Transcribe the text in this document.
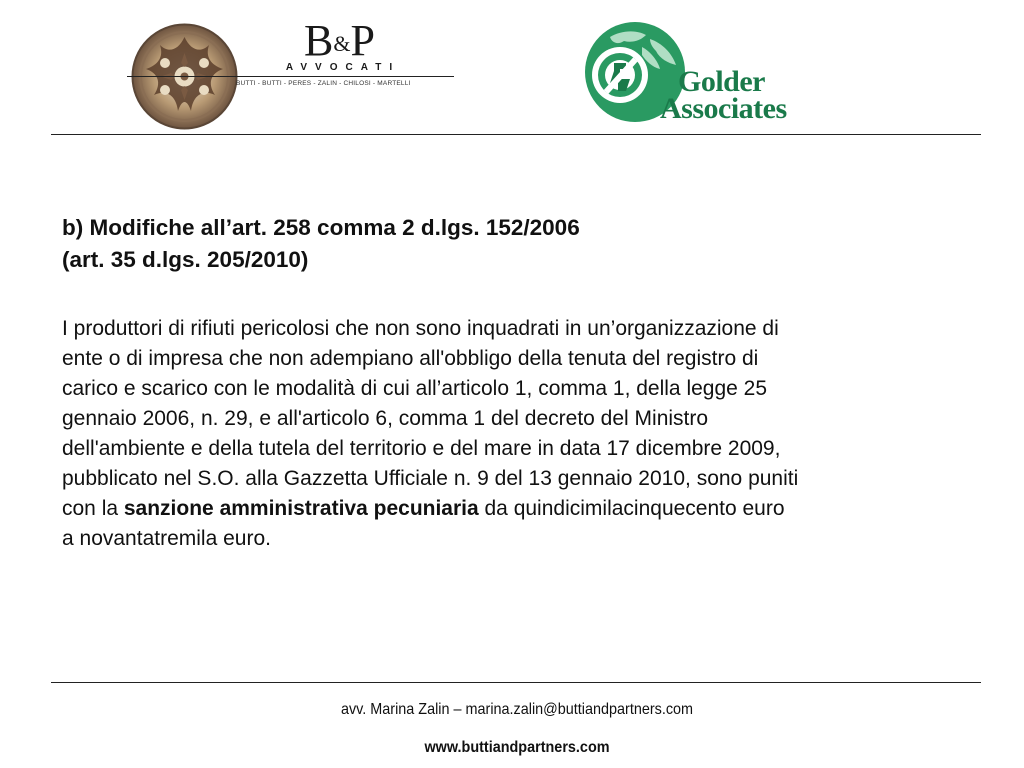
B&P
AVVOCATI
BUTTI - BUTTI - PERES - ZALIN - CHILOSI - MARTELLI	Golder
Associates
b) Modifiche all’art. 258 comma 2 d.lgs. 152/2006
(art. 35 d.lgs. 205/2010)
I produttori di rifiuti pericolosi che non sono inquadrati in un’organizzazione di
ente o di impresa che non adempiano all'obbligo della tenuta del registro di
carico e scarico con le modalità di cui all’articolo 1, comma 1, della legge 25
gennaio 2006, n. 29, e all'articolo 6, comma 1 del decreto del Ministro
dell'ambiente e della tutela del territorio e del mare in data 17 dicembre 2009,
pubblicato nel S.O. alla Gazzetta Ufficiale n. 9 del 13 gennaio 2010, sono puniti
con la sanzione amministrativa pecuniaria da quindicimilacinquecento euro
a novantatremila euro.
avv. Marina Zalin – marina.zalin@buttiandpartners.com
www.buttiandpartners.com
